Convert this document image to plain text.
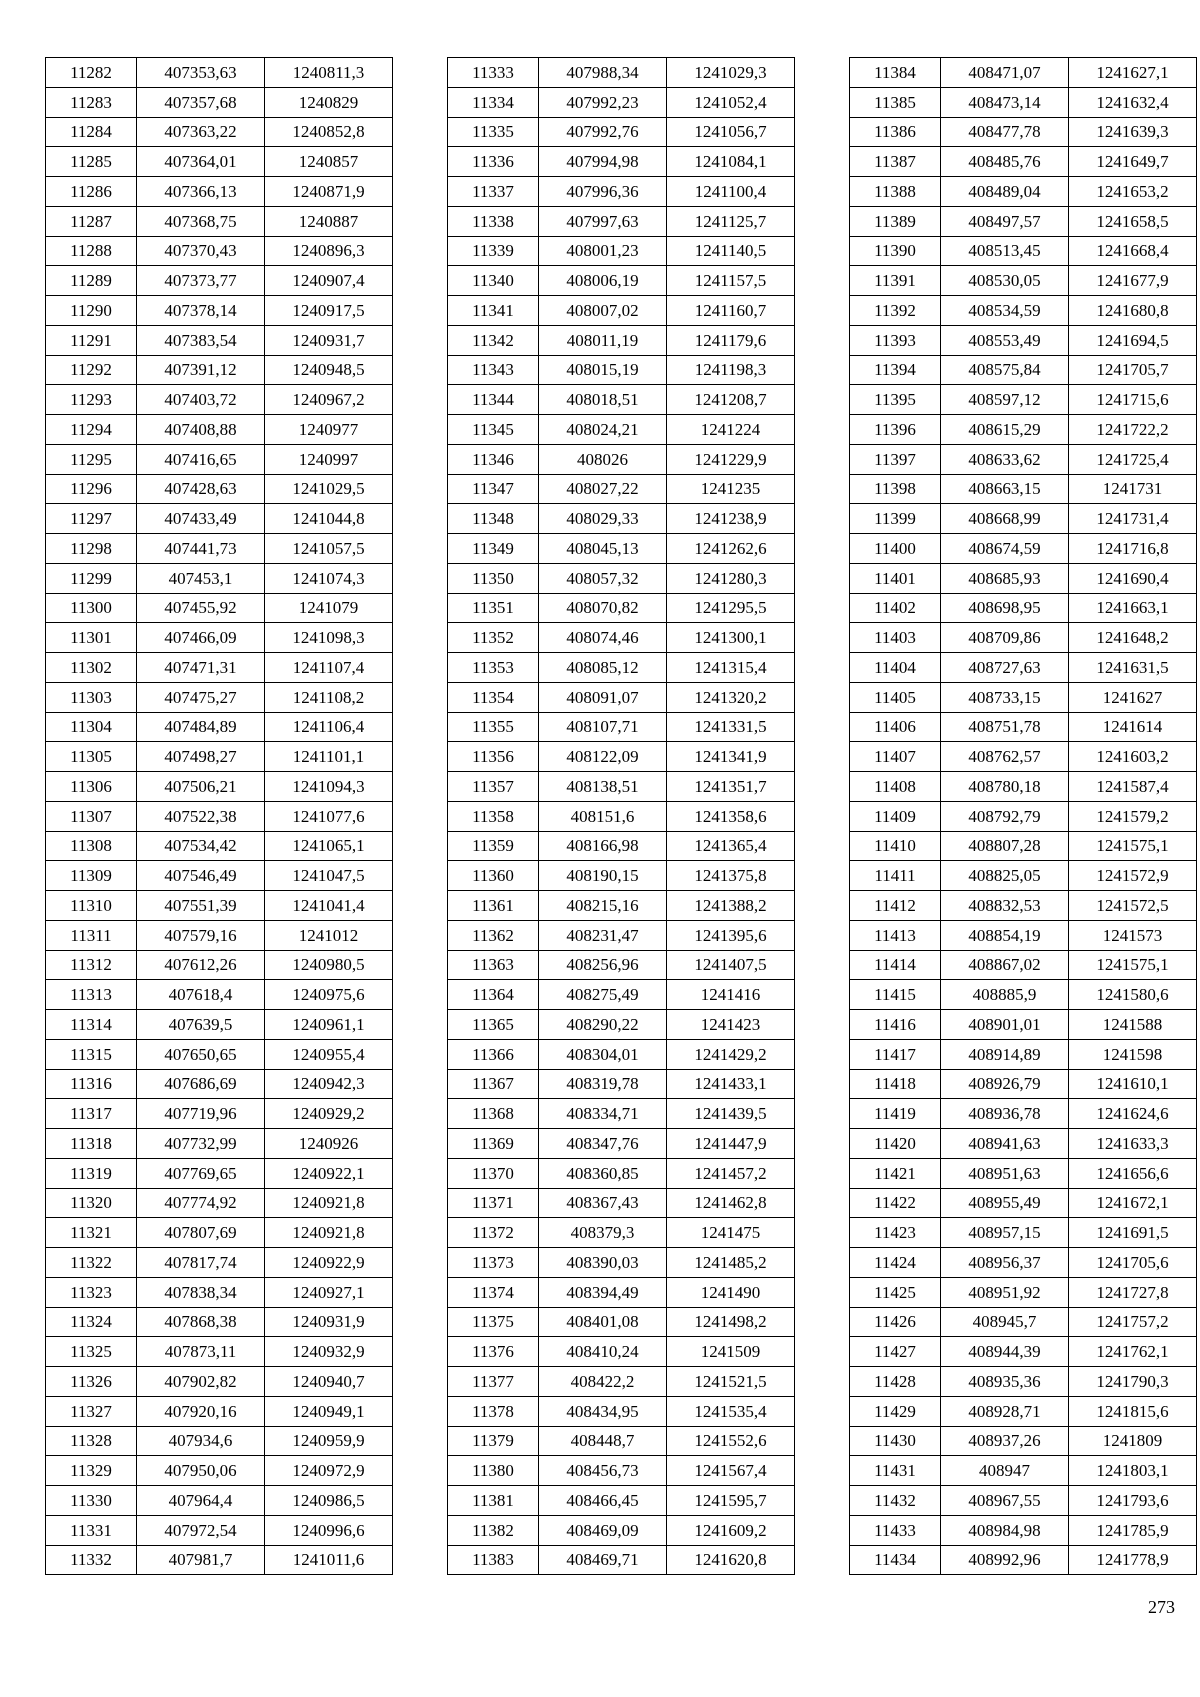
11282	407353,63	1240811,3
11283	407357,68	1240829
11284	407363,22	1240852,8
11285	407364,01	1240857
11286	407366,13	1240871,9
11287	407368,75	1240887
11288	407370,43	1240896,3
11289	407373,77	1240907,4
11290	407378,14	1240917,5
11291	407383,54	1240931,7
11292	407391,12	1240948,5
11293	407403,72	1240967,2
11294	407408,88	1240977
11295	407416,65	1240997
11296	407428,63	1241029,5
11297	407433,49	1241044,8
11298	407441,73	1241057,5
11299	407453,1	1241074,3
11300	407455,92	1241079
11301	407466,09	1241098,3
11302	407471,31	1241107,4
11303	407475,27	1241108,2
11304	407484,89	1241106,4
11305	407498,27	1241101,1
11306	407506,21	1241094,3
11307	407522,38	1241077,6
11308	407534,42	1241065,1
11309	407546,49	1241047,5
11310	407551,39	1241041,4
11311	407579,16	1241012
11312	407612,26	1240980,5
11313	407618,4	1240975,6
11314	407639,5	1240961,1
11315	407650,65	1240955,4
11316	407686,69	1240942,3
11317	407719,96	1240929,2
11318	407732,99	1240926
11319	407769,65	1240922,1
11320	407774,92	1240921,8
11321	407807,69	1240921,8
11322	407817,74	1240922,9
11323	407838,34	1240927,1
11324	407868,38	1240931,9
11325	407873,11	1240932,9
11326	407902,82	1240940,7
11327	407920,16	1240949,1
11328	407934,6	1240959,9
11329	407950,06	1240972,9
11330	407964,4	1240986,5
11331	407972,54	1240996,6
11332	407981,7	1241011,6
11333	407988,34	1241029,3
11334	407992,23	1241052,4
11335	407992,76	1241056,7
11336	407994,98	1241084,1
11337	407996,36	1241100,4
11338	407997,63	1241125,7
11339	408001,23	1241140,5
11340	408006,19	1241157,5
11341	408007,02	1241160,7
11342	408011,19	1241179,6
11343	408015,19	1241198,3
11344	408018,51	1241208,7
11345	408024,21	1241224
11346	408026	1241229,9
11347	408027,22	1241235
11348	408029,33	1241238,9
11349	408045,13	1241262,6
11350	408057,32	1241280,3
11351	408070,82	1241295,5
11352	408074,46	1241300,1
11353	408085,12	1241315,4
11354	408091,07	1241320,2
11355	408107,71	1241331,5
11356	408122,09	1241341,9
11357	408138,51	1241351,7
11358	408151,6	1241358,6
11359	408166,98	1241365,4
11360	408190,15	1241375,8
11361	408215,16	1241388,2
11362	408231,47	1241395,6
11363	408256,96	1241407,5
11364	408275,49	1241416
11365	408290,22	1241423
11366	408304,01	1241429,2
11367	408319,78	1241433,1
11368	408334,71	1241439,5
11369	408347,76	1241447,9
11370	408360,85	1241457,2
11371	408367,43	1241462,8
11372	408379,3	1241475
11373	408390,03	1241485,2
11374	408394,49	1241490
11375	408401,08	1241498,2
11376	408410,24	1241509
11377	408422,2	1241521,5
11378	408434,95	1241535,4
11379	408448,7	1241552,6
11380	408456,73	1241567,4
11381	408466,45	1241595,7
11382	408469,09	1241609,2
11383	408469,71	1241620,8
11384	408471,07	1241627,1
11385	408473,14	1241632,4
11386	408477,78	1241639,3
11387	408485,76	1241649,7
11388	408489,04	1241653,2
11389	408497,57	1241658,5
11390	408513,45	1241668,4
11391	408530,05	1241677,9
11392	408534,59	1241680,8
11393	408553,49	1241694,5
11394	408575,84	1241705,7
11395	408597,12	1241715,6
11396	408615,29	1241722,2
11397	408633,62	1241725,4
11398	408663,15	1241731
11399	408668,99	1241731,4
11400	408674,59	1241716,8
11401	408685,93	1241690,4
11402	408698,95	1241663,1
11403	408709,86	1241648,2
11404	408727,63	1241631,5
11405	408733,15	1241627
11406	408751,78	1241614
11407	408762,57	1241603,2
11408	408780,18	1241587,4
11409	408792,79	1241579,2
11410	408807,28	1241575,1
11411	408825,05	1241572,9
11412	408832,53	1241572,5
11413	408854,19	1241573
11414	408867,02	1241575,1
11415	408885,9	1241580,6
11416	408901,01	1241588
11417	408914,89	1241598
11418	408926,79	1241610,1
11419	408936,78	1241624,6
11420	408941,63	1241633,3
11421	408951,63	1241656,6
11422	408955,49	1241672,1
11423	408957,15	1241691,5
11424	408956,37	1241705,6
11425	408951,92	1241727,8
11426	408945,7	1241757,2
11427	408944,39	1241762,1
11428	408935,36	1241790,3
11429	408928,71	1241815,6
11430	408937,26	1241809
11431	408947	1241803,1
11432	408967,55	1241793,6
11433	408984,98	1241785,9
11434	408992,96	1241778,9
273
